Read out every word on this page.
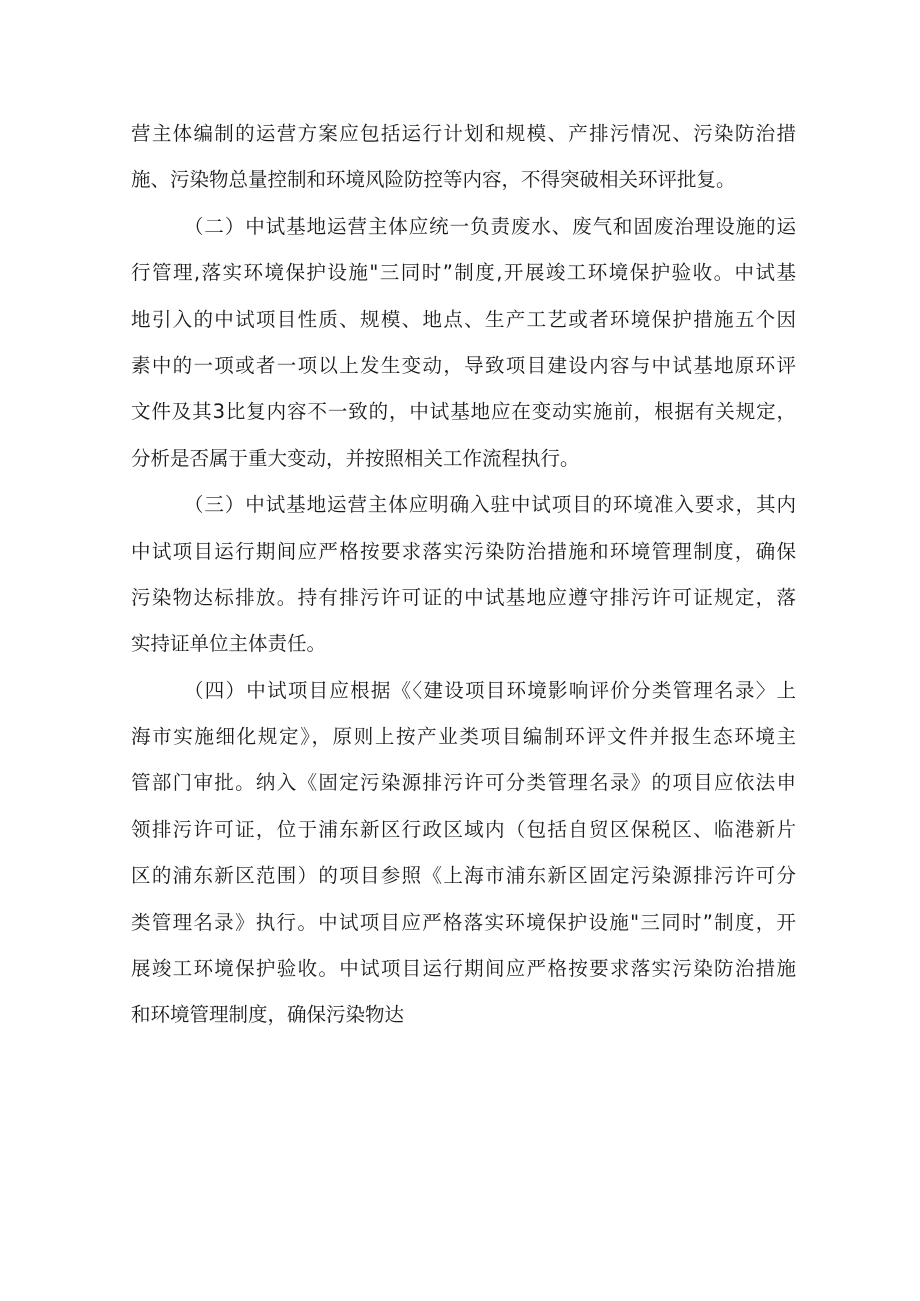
营主体编制的运营方案应包括运行计划和规模、产排污情况、污染防治措
施、污染物总量控制和环境风险防控等内容，不得突破相关环评批复。
（二）中试基地运营主体应统一负责废水、废气和固废治理设施的运
行管理,落实环境保护设施"三同时”制度,开展竣工环境保护验收。中试基
地引入的中试项目性质、规模、地点、生产工艺或者环境保护措施五个因
素中的一项或者一项以上发生变动，导致项目建设内容与中试基地原环评
文件及其3比复内容不一致的，中试基地应在变动实施前，根据有关规定，
分析是否属于重大变动，并按照相关工作流程执行。
（三）中试基地运营主体应明确入驻中试项目的环境准入要求，其内
中试项目运行期间应严格按要求落实污染防治措施和环境管理制度，确保
污染物达标排放。持有排污许可证的中试基地应遵守排污许可证规定，落
实持证单位主体责任。
（四）中试项目应根据《〈建设项目环境影响评价分类管理名录〉上
海市实施细化规定》，原则上按产业类项目编制环评文件并报生态环境主
管部门审批。纳入《固定污染源排污许可分类管理名录》的项目应依法申
领排污许可证，位于浦东新区行政区域内（包括自贸区保税区、临港新片
区的浦东新区范围）的项目参照《上海市浦东新区固定污染源排污许可分
类管理名录》执行。中试项目应严格落实环境保护设施"三同时”制度，开
展竣工环境保护验收。中试项目运行期间应严格按要求落实污染防治措施
和环境管理制度，确保污染物达
